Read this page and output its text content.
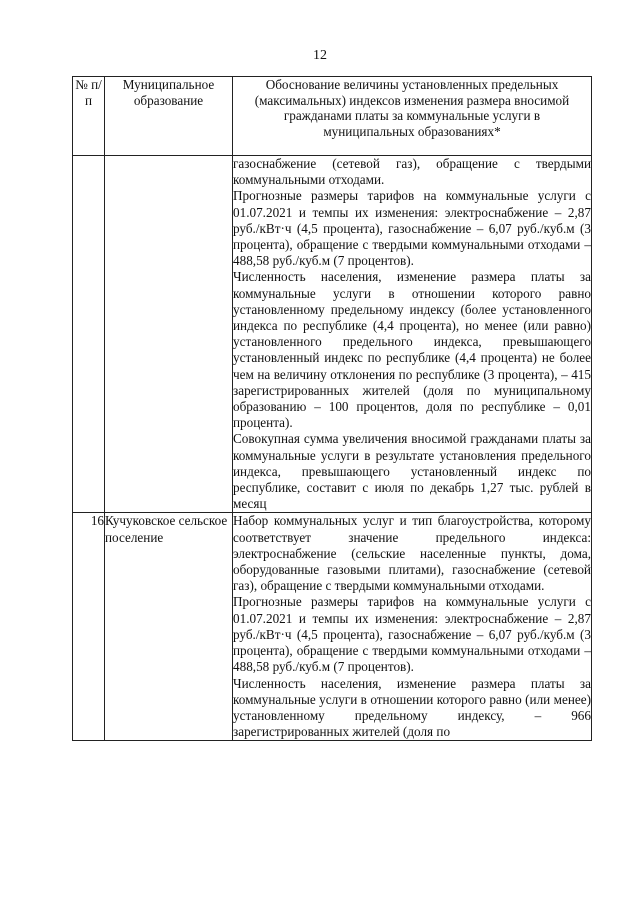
12
№ п/п	Муниципальное образование	Обоснование величины установленных предельных (максимальных) индексов изменения размера вносимой гражданами платы за коммунальные услуги в муниципальных образованиях*

		газоснабжение (сетевой газ), обращение с твердыми коммунальными отходами.

Прогнозные размеры тарифов на коммунальные услуги с 01.07.2021 и темпы их изменения: электроснабжение – 2,87 руб./кВт·ч (4,5 процента), газоснабжение – 6,07 руб./куб.м (3 процента), обращение с твердыми коммунальными отходами – 488,58 руб./куб.м (7 процентов).

Численность населения, изменение размера платы за коммунальные услуги в отношении которого равно установленному предельному индексу (более установленного индекса по республике (4,4 процента), но менее (или равно) установленного предельного индекса, превышающего установленный индекс по республике (4,4 процента) не более чем на величину отклонения по республике (3 процента), – 415 зарегистрированных жителей (доля по муниципальному образованию – 100 процентов, доля по республике – 0,01 процента).

Совокупная сумма увеличения вносимой гражданами платы за коммунальные услуги в результате установления предельного индекса, превышающего установленный индекс по республике, составит с июля по декабрь 1,27 тыс. рублей в месяц

16	Кучуковское сельское поселение	Набор коммунальных услуг и тип благоустройства, которому соответствует значение предельного индекса: электроснабжение (сельские населенные пункты, дома, оборудованные газовыми плитами), газоснабжение (сетевой газ), обращение с твердыми коммунальными отходами.

Прогнозные размеры тарифов на коммунальные услуги с 01.07.2021 и темпы их изменения: электроснабжение – 2,87 руб./кВт·ч (4,5 процента), газоснабжение – 6,07 руб./куб.м (3 процента), обращение с твердыми коммунальными отходами – 488,58 руб./куб.м (7 процентов).

Численность населения, изменение размера платы за коммунальные услуги в отношении которого равно (или менее) установленному предельному индексу, – 966 зарегистрированных жителей (доля по
